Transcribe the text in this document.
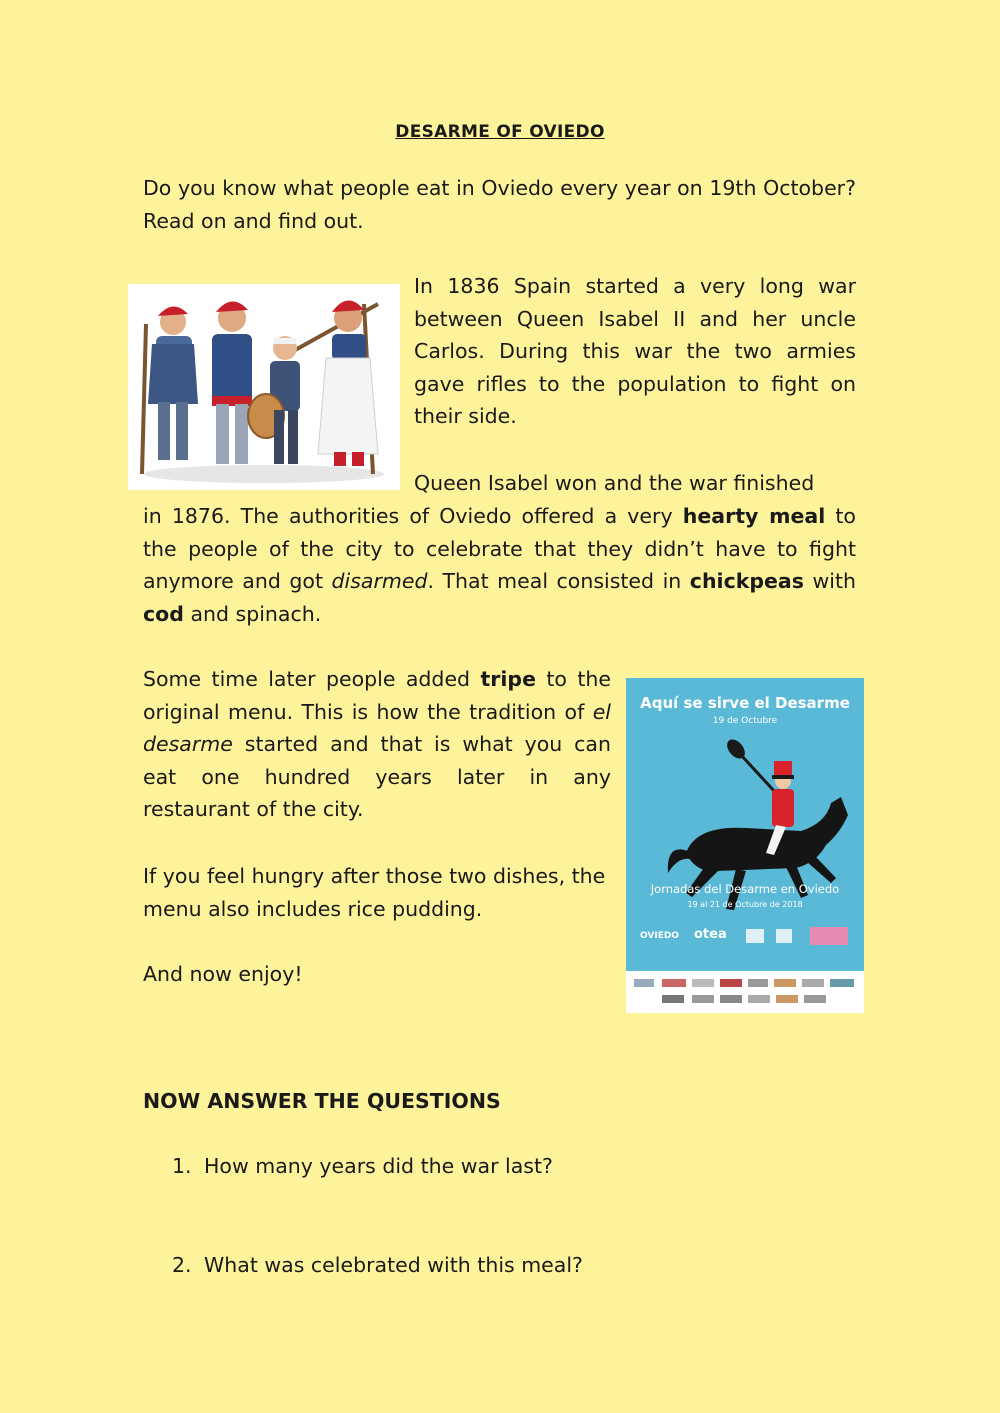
DESARME OF OVIEDO

Do you know what people eat in Oviedo every year on 19th October? Read on and find out.

In 1836 Spain started a very long war between Queen Isabel II and her uncle Carlos. During this war the two armies gave rifles to the population to fight on their side.

Queen Isabel won and the war finished

in 1876. The authorities of Oviedo offered a very hearty meal to the people of the city to celebrate that they didn’t have to fight anymore and got disarmed. That meal consisted in chickpeas with cod and spinach.

Some time later people added tripe to the original menu. This is how the tradition of el desarme started and that is what you can eat one hundred years later in any restaurant of the city.

If you feel hungry after those two dishes, the menu also includes rice pudding.

And now enjoy!

Aquí se sirve el Desarme
19 de Octubre
Jornadas del Desarme en Oviedo
19 al 21 de Octubre de 2018
OVIEDO otea
NOW ANSWER THE QUESTIONS
1. How many years did the war last?
2. What was celebrated with this meal?
